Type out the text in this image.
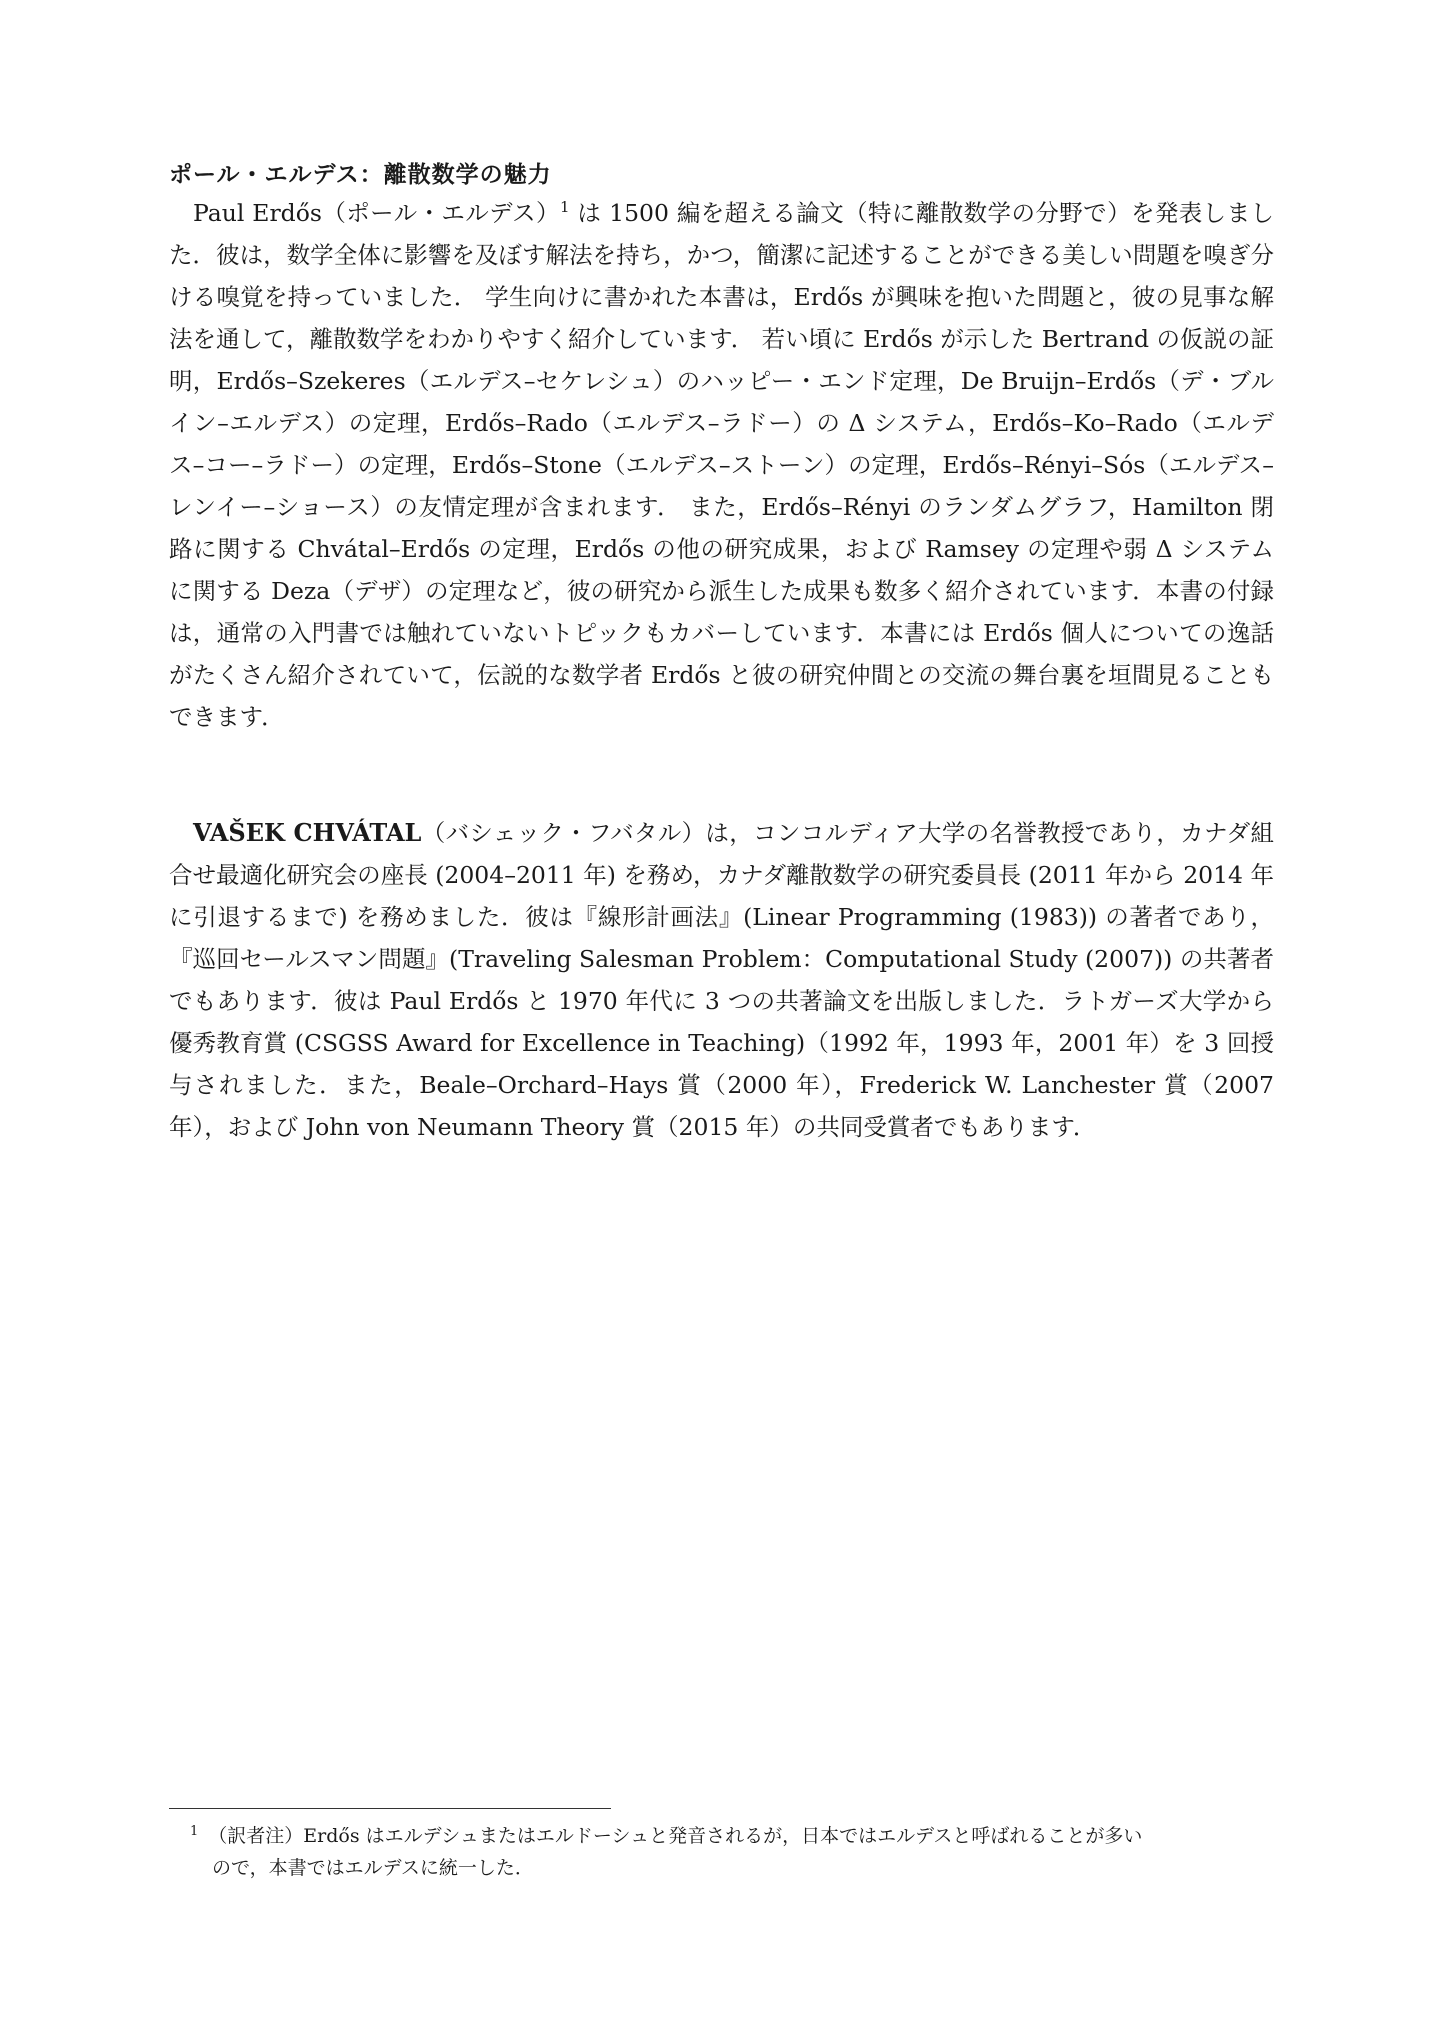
ポール・エルデス：離散数学の魅力

Paul Erdős（ポール・エルデス）$^1$ は 1500 編を超える論文（特に離散数学の分野で）を発表しました．彼は，数学全体に影響を及ぼす解法を持ち，かつ，簡潔に記述することができる美しい問題を嗅ぎ分ける嗅覚を持っていました． 学生向けに書かれた本書は，Erdős が興味を抱いた問題と，彼の見事な解法を通して，離散数学をわかりやすく紹介しています． 若い頃に Erdős が示した Bertrand の仮説の証明，Erdős–Szekeres（エルデス–セケレシュ）のハッピー・エンド定理，De Bruijn–Erdős（デ・ブルイン–エルデス）の定理，Erdős–Rado（エルデス–ラドー）の Δ システム，Erdős–Ko–Rado（エルデス–コー–ラドー）の定理，Erdős–Stone（エルデス–ストーン）の定理，Erdős–Rényi–Sós（エルデス–レンイー–ショース）の友情定理が含まれます． また，Erdős–Rényi のランダムグラフ，Hamilton 閉路に関する Chvátal–Erdős の定理，Erdős の他の研究成果，および Ramsey の定理や弱 Δ システムに関する Deza（デザ）の定理など，彼の研究から派生した成果も数多く紹介されています．本書の付録は，通常の入門書では触れていないトピックもカバーしています．本書には Erdős 個人についての逸話がたくさん紹介されていて，伝説的な数学者 Erdős と彼の研究仲間との交流の舞台裏を垣間見ることもできます．

VAŠEK CHVÁTAL（バシェック・フバタル）は，コンコルディア大学の名誉教授であり，カナダ組合せ最適化研究会の座長 (2004–2011 年) を務め，カナダ離散数学の研究委員長 (2011 年から 2014 年に引退するまで) を務めました．彼は『線形計画法』(Linear Programming (1983)) の著者であり，『巡回セールスマン問題』(Traveling Salesman Problem：Computational Study (2007)) の共著者でもあります．彼は Paul Erdős と 1970 年代に 3 つの共著論文を出版しました．ラトガーズ大学から優秀教育賞 (CSGSS Award for Excellence in Teaching)（1992 年，1993 年，2001 年）を 3 回授与されました．また，Beale–Orchard–Hays 賞（2000 年），Frederick W. Lanchester 賞（2007 年），および John von Neumann Theory 賞（2015 年）の共同受賞者でもあります．

$^1$ （訳者注）Erdős はエルデシュまたはエルドーシュと発音されるが，日本ではエルデスと呼ばれることが多い
ので，本書ではエルデスに統一した．
